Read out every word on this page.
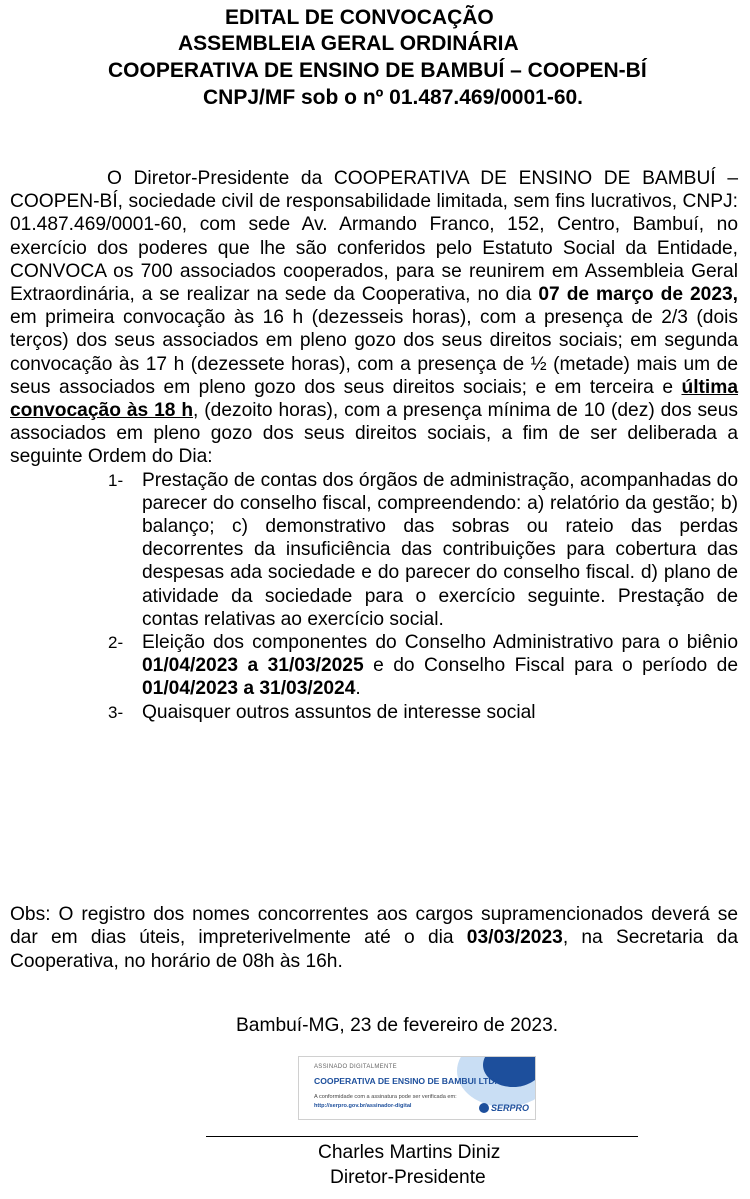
EDITAL DE CONVOCAÇÃO
ASSEMBLEIA GERAL ORDINÁRIA
COOPERATIVA DE ENSINO DE BAMBUÍ – COOPEN-BÍ
CNPJ/MF sob o nº 01.487.469/0001-60.

O Diretor-Presidente da COOPERATIVA DE ENSINO DE BAMBUÍ – COOPEN-BÍ, sociedade civil de responsabilidade limitada, sem fins lucrativos, CNPJ: 01.487.469/0001-60, com sede Av. Armando Franco, 152, Centro, Bambuí, no exercício dos poderes que lhe são conferidos pelo Estatuto Social da Entidade, CONVOCA os 700 associados cooperados, para se reunirem em Assembleia Geral Extraordinária, a se realizar na sede da Cooperativa, no dia 07 de março de 2023, em primeira convocação às 16 h (dezesseis horas), com a presença de 2/3 (dois terços) dos seus associados em pleno gozo dos seus direitos sociais; em segunda convocação às 17 h (dezessete horas), com a presença de ½ (metade) mais um de seus associados em pleno gozo dos seus direitos sociais; e em terceira e última convocação às 18 h, (dezoito horas), com a presença mínima de 10 (dez) dos seus associados em pleno gozo dos seus direitos sociais, a fim de ser deliberada a seguinte Ordem do Dia:

1- Prestação de contas dos órgãos de administração, acompanhadas do parecer do conselho fiscal, compreendendo: a) relatório da gestão; b) balanço; c) demonstrativo das sobras ou rateio das perdas decorrentes da insuficiência das contribuições para cobertura das despesas ada sociedade e do parecer do conselho fiscal. d) plano de atividade da sociedade para o exercício seguinte. Prestação de contas relativas ao exercício social.
2- Eleição dos componentes do Conselho Administrativo para o biênio 01/04/2023 a 31/03/2025 e do Conselho Fiscal para o período de 01/04/2023 a 31/03/2024.
3- Quaisquer outros assuntos de interesse social

Obs: O registro dos nomes concorrentes aos cargos supramencionados deverá se dar em dias úteis, impreterivelmente até o dia 03/03/2023, na Secretaria da Cooperativa, no horário de 08h às 16h.

Bambuí-MG, 23 de fevereiro de 2023.
ASSINADO DIGITALMENTE
COOPERATIVA DE ENSINO DE BAMBUI LTDA
A conformidade com a assinatura pode ser verificada em:
http://serpro.gov.br/assinador-digital	SERPRO
Charles Martins Diniz
Diretor-Presidente
